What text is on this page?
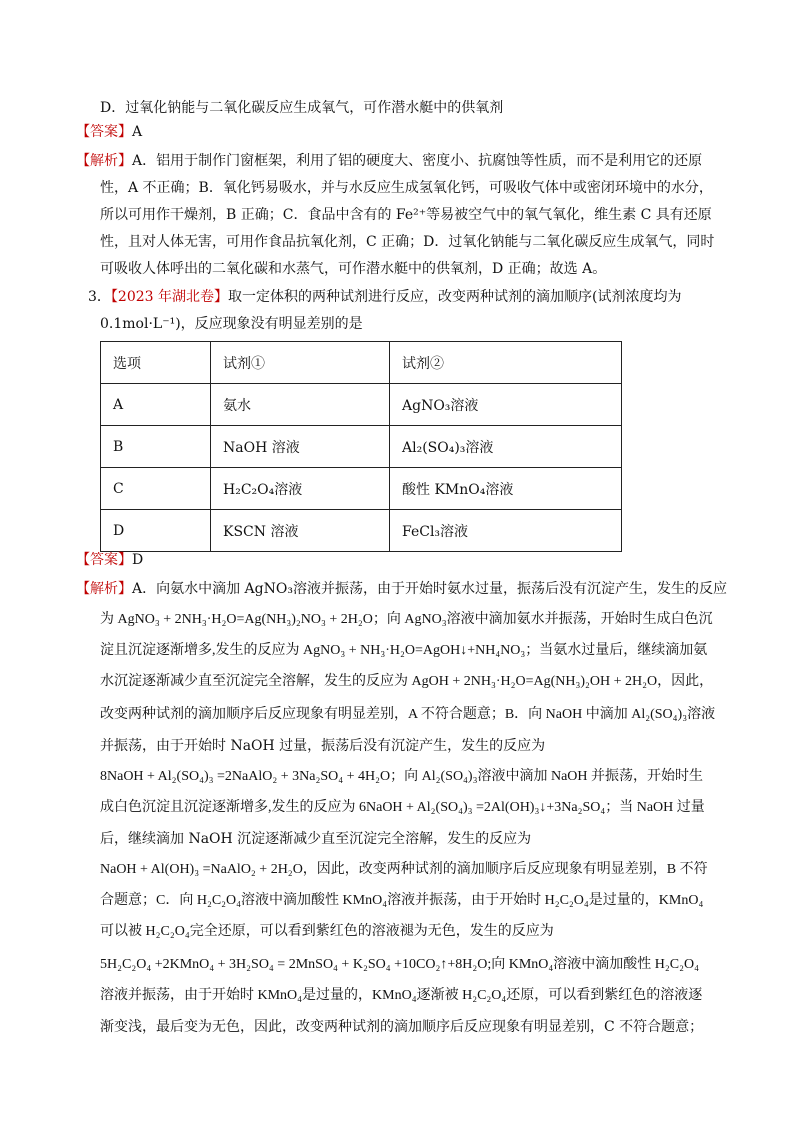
D．过氧化钠能与二氧化碳反应生成氧气，可作潜水艇中的供氧剂
【答案】A
【解析】A．铝用于制作门窗框架，利用了铝的硬度大、密度小、抗腐蚀等性质，而不是利用它的还原
性，A 不正确；B．氧化钙易吸水，并与水反应生成氢氧化钙，可吸收气体中或密闭环境中的水分，
所以可用作干燥剂，B 正确；C．食品中含有的 Fe²⁺等易被空气中的氧气氧化，维生素 C 具有还原
性，且对人体无害，可用作食品抗氧化剂，C 正确；D．过氧化钠能与二氧化碳反应生成氧气，同时
可吸收人体呼出的二氧化碳和水蒸气，可作潜水艇中的供氧剂，D 正确；故选 A。
3．【2023 年湖北卷】取一定体积的两种试剂进行反应，改变两种试剂的滴加顺序(试剂浓度均为
0.1mol·L⁻¹)，反应现象没有明显差别的是
选项	试剂①	试剂②
A	氨水	AgNO₃溶液
B	NaOH 溶液	Al₂(SO₄)₃溶液
C	H₂C₂O₄溶液	酸性 KMnO₄溶液
D	KSCN 溶液	FeCl₃溶液
【答案】D
【解析】A．向氨水中滴加 AgNO₃溶液并振荡，由于开始时氨水过量，振荡后没有沉淀产生，发生的反应
为 AgNO₃ + 2NH₃·H₂O=Ag(NH₃)₂NO₃ + 2H₂O；向 AgNO₃溶液中滴加氨水并振荡，开始时生成白色沉
淀且沉淀逐渐增多,发生的反应为 AgNO₃ + NH₃·H₂O=AgOH↓+NH₄NO₃；当氨水过量后，继续滴加氨
水沉淀逐渐减少直至沉淀完全溶解，发生的反应为 AgOH + 2NH₃·H₂O=Ag(NH₃)₂OH + 2H₂O，因此，
改变两种试剂的滴加顺序后反应现象有明显差别，A 不符合题意；B．向 NaOH 中滴加 Al₂(SO₄)₃溶液
并振荡，由于开始时 NaOH 过量，振荡后没有沉淀产生，发生的反应为
8NaOH + Al₂(SO₄)₃ =2NaAlO₂ + 3Na₂SO₄ + 4H₂O；向 Al₂(SO₄)₃溶液中滴加 NaOH 并振荡，开始时生
成白色沉淀且沉淀逐渐增多,发生的反应为 6NaOH + Al₂(SO₄)₃ =2Al(OH)₃↓+3Na₂SO₄；当 NaOH 过量
后，继续滴加 NaOH 沉淀逐渐减少直至沉淀完全溶解，发生的反应为
NaOH + Al(OH)₃ =NaAlO₂ + 2H₂O，因此，改变两种试剂的滴加顺序后反应现象有明显差别，B 不符
合题意；C．向 H₂C₂O₄溶液中滴加酸性 KMnO₄溶液并振荡，由于开始时 H₂C₂O₄是过量的，KMnO₄
可以被 H₂C₂O₄完全还原，可以看到紫红色的溶液褪为无色，发生的反应为
5H₂C₂O₄ +2KMnO₄ + 3H₂SO₄ = 2MnSO₄ + K₂SO₄ +10CO₂↑+8H₂O;向 KMnO₄溶液中滴加酸性 H₂C₂O₄
溶液并振荡，由于开始时 KMnO₄是过量的，KMnO₄逐渐被 H₂C₂O₄还原，可以看到紫红色的溶液逐
渐变浅，最后变为无色，因此，改变两种试剂的滴加顺序后反应现象有明显差别，C 不符合题意；
